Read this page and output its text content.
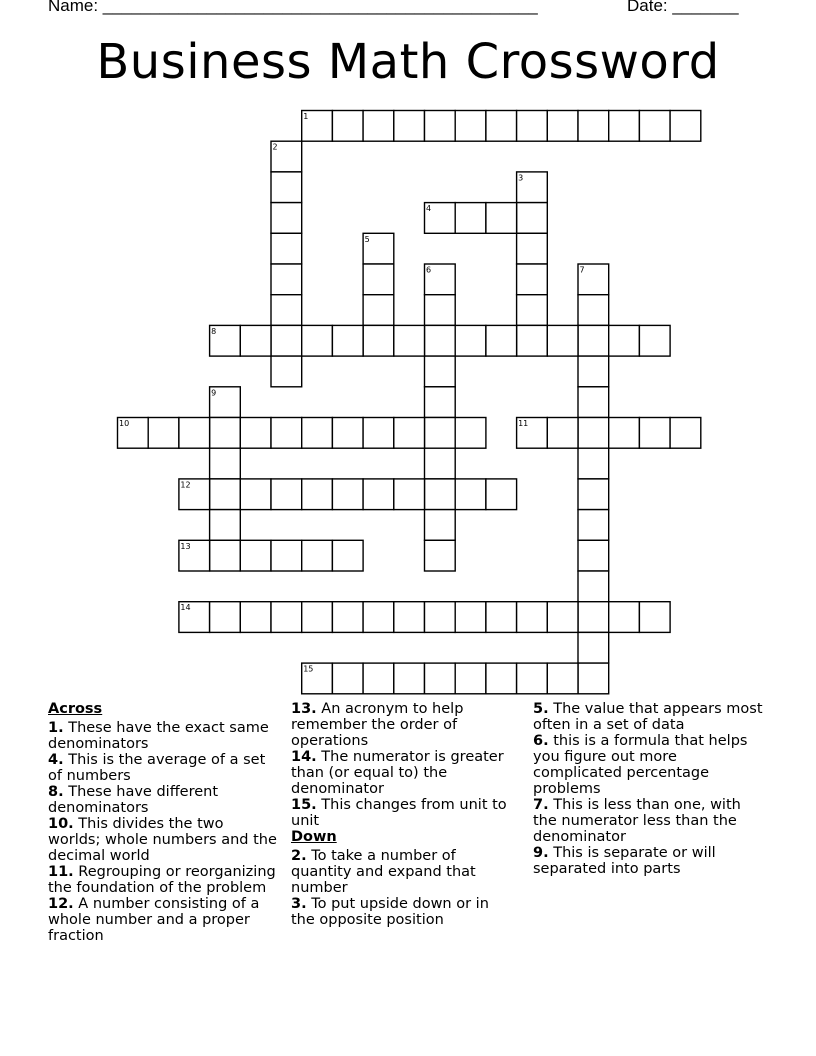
Name: ______________________________________________	Date: _______
Business Math Crossword
1
2
3
4
5
6	7
8
9
10	11
12
13
14
15
Across
1. These have the exact same denominators
4. This is the average of a set of numbers
8. These have different denominators
10. This divides the two worlds; whole numbers and the decimal world
11. Regrouping or reorganizing the foundation of the problem
12. A number consisting of a whole number and a proper fraction
13. An acronym to help remember the order of operations
14. The numerator is greater than (or equal to) the denominator
15. This changes from unit to unit
Down
2. To take a number of quantity and expand that number
3. To put upside down or in the opposite position
5. The value that appears most often in a set of data
6. this is a formula that helps you figure out more complicated percentage problems
7. This is less than one, with the numerator less than the denominator
9. This is separate or will separated into parts
